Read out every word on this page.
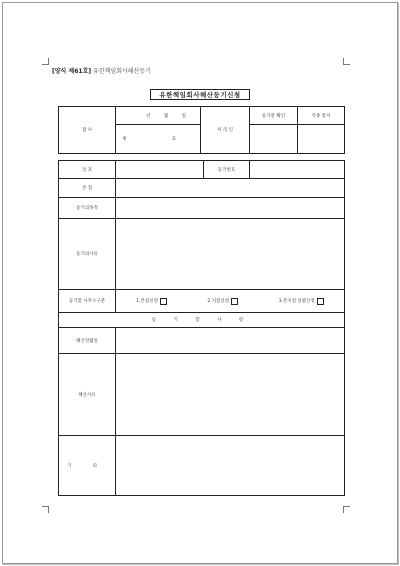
[양식 제61호] 유한책임회사해산등기
유한책임회사해산등기신청
접 수	년 월 일	처 리 인	등기관 확인	각종 통지
	제 호			
상 호		등기번호	
본 점			
등기의목적			
등기의사유			
등기할 사무소구분	1.본점신청 2.지점신청 3.본지점 일괄신청		

등 기 할 사 항			
해산연월일			
해산사유			
기 타			
